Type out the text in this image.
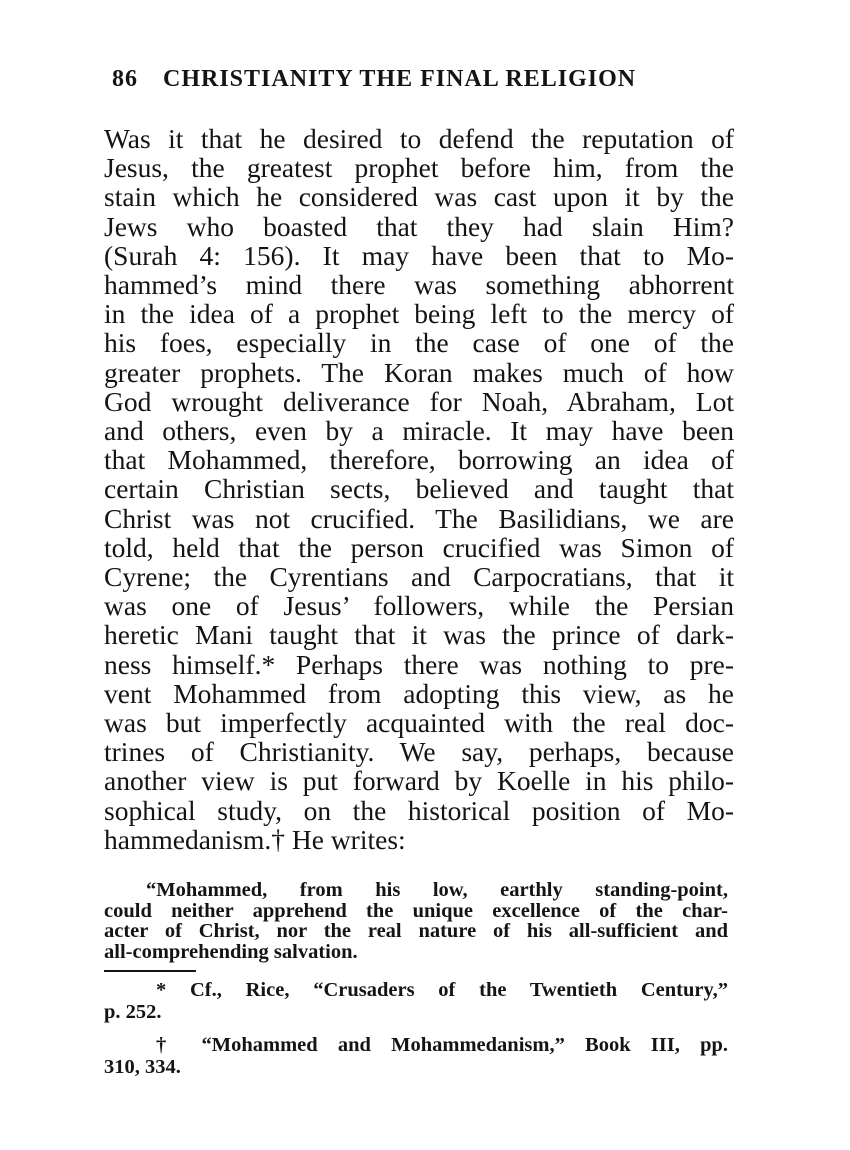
86 CHRISTIANITY THE FINAL RELIGION
Was it that he desired to defend the reputation of
Jesus, the greatest prophet before him, from the
stain which he considered was cast upon it by the
Jews who boasted that they had slain Him?
(Surah 4: 156). It may have been that to Mo-
hammed’s mind there was something abhorrent
in the idea of a prophet being left to the mercy of
his foes, especially in the case of one of the
greater prophets. The Koran makes much of how
God wrought deliverance for Noah, Abraham, Lot
and others, even by a miracle. It may have been
that Mohammed, therefore, borrowing an idea of
certain Christian sects, believed and taught that
Christ was not crucified. The Basilidians, we are
told, held that the person crucified was Simon of
Cyrene; the Cyrentians and Carpocratians, that it
was one of Jesus’ followers, while the Persian
heretic Mani taught that it was the prince of dark-
ness himself.* Perhaps there was nothing to pre-
vent Mohammed from adopting this view, as he
was but imperfectly acquainted with the real doc-
trines of Christianity. We say, perhaps, because
another view is put forward by Koelle in his philo-
sophical study, on the historical position of Mo-
hammedanism.† He writes:
“Mohammed, from his low, earthly standing-point,
could neither apprehend the unique excellence of the char-
acter of Christ, nor the real nature of his all-sufficient and
all-comprehending salvation.
* Cf., Rice, “Crusaders of the Twentieth Century,”
p. 252.
† “Mohammed and Mohammedanism,” Book III, pp.
310, 334.
